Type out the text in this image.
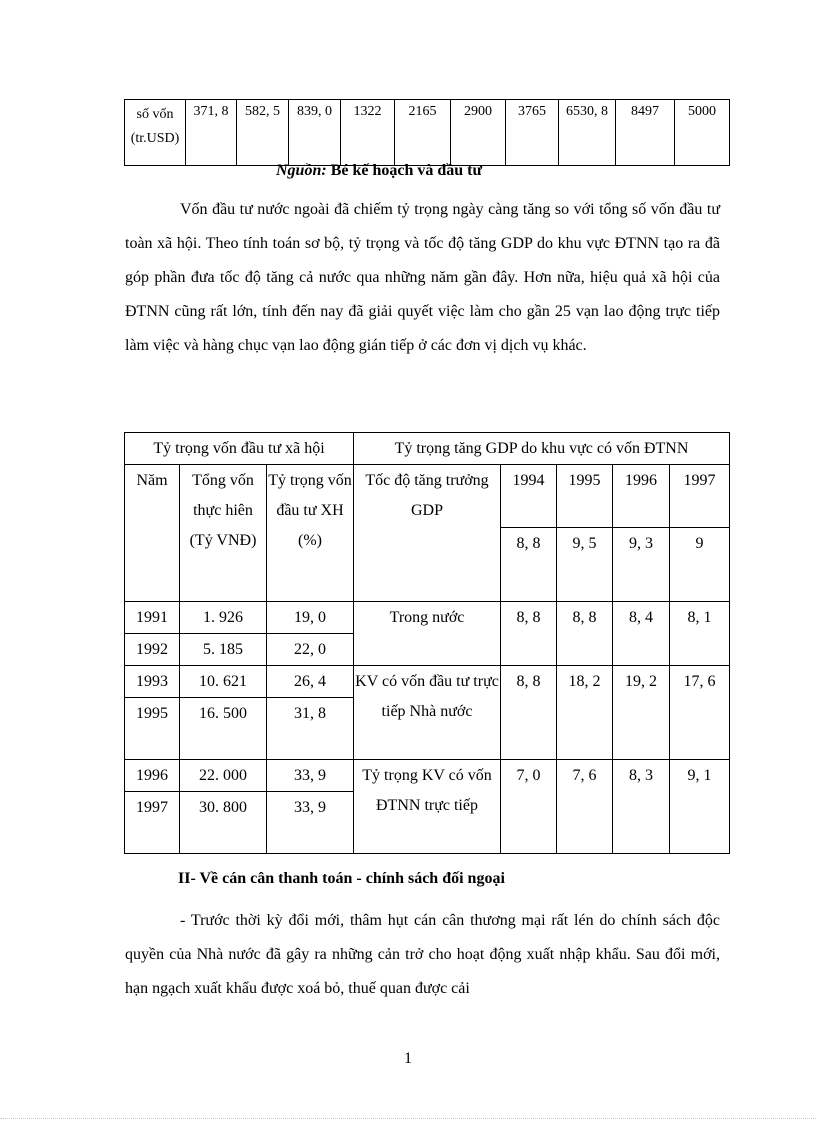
số vốn (tr.USD)	371, 8	582, 5	839, 0	1322	2165	2900	3765	6530, 8	8497	5000
Nguồn: Bé kế hoạch và đầu tư

Vốn đầu tư nước ngoài đã chiếm tỷ trọng ngày càng tăng so với tổng số vốn đầu tư toàn xã hội. Theo tính toán sơ bộ, tỷ trọng và tốc độ tăng GDP do khu vực ĐTNN tạo ra đã góp phần đưa tốc độ tăng cả nước qua những năm gần đây. Hơn nữa, hiệu quả xã hội của ĐTNN cũng rất lớn, tính đến nay đã giải quyết việc làm cho gần 25 vạn lao động trực tiếp làm việc và hàng chục vạn lao động gián tiếp ở các đơn vị dịch vụ khác.

Tỷ trọng vốn đầu tư xã hội			Tỷ trọng tăng GDP do khu vực có vốn ĐTNN				
Năm	Tổng vốn thực hiên (Tỷ VNĐ)	Tỷ trọng vốn đầu tư XH (%)	Tốc độ tăng trưởng GDP	1994	1995	1996	1997
				8, 8	9, 5	9, 3	9
1991	1. 926	19, 0	Trong nước	8, 8	8, 8	8, 4	8, 1
1992	5. 185	22, 0					
1993	10. 621	26, 4	KV có vốn đầu tư trực tiếp Nhà nước	8, 8	18, 2	19, 2	17, 6
1995	16. 500	31, 8					
1996	22. 000	33, 9	Tỷ trọng KV có vốn ĐTNN trực tiếp	7, 0	7, 6	8, 3	9, 1
1997	30. 800	33, 9					
II- Về cán cân thanh toán - chính sách đối ngoại

- Trước thời kỳ đổi mới, thâm hụt cán cân thương mại rất lén do chính sách độc quyền của Nhà nước đã gây ra những cản trở cho hoạt động xuất nhập khẩu. Sau đổi mới, hạn ngạch xuất khẩu được xoá bỏ, thuế quan được cải

1
